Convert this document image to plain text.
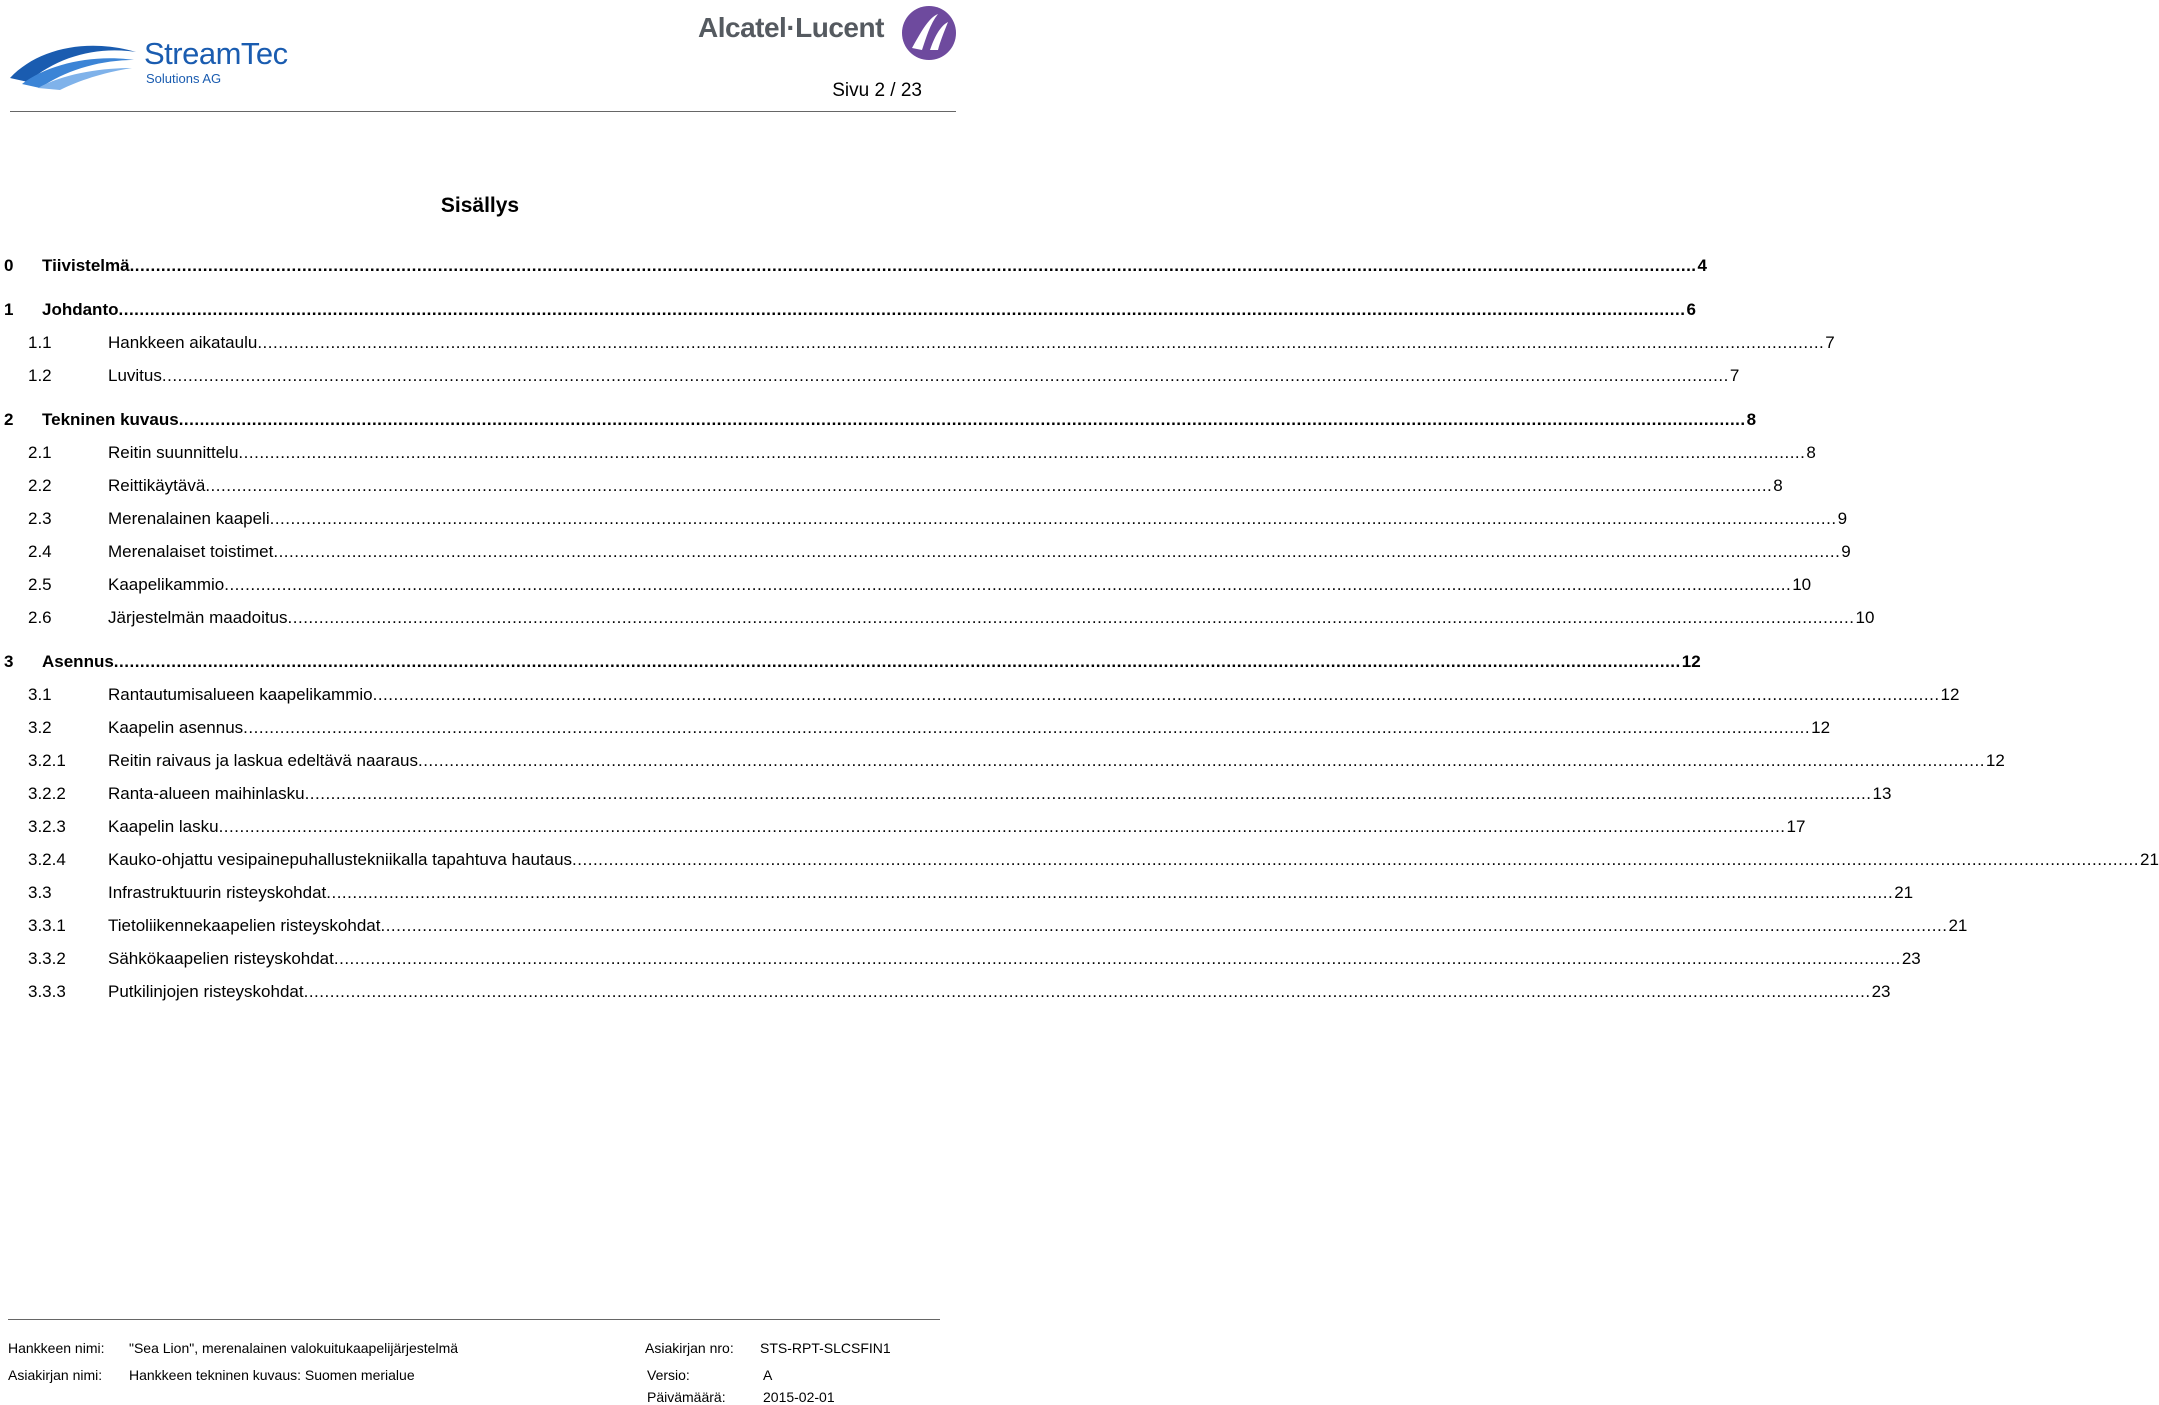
StreamTec
Solutions AG
Alcatel·Lucent
Sivu 2 / 23
Sisällys
0 Tiivistelmä ............................................................................................................................................................................................................................................................................................................ 4
1 Johdanto ............................................................................................................................................................................................................................................................................................................ 6
1.1	Hankkeen aikataulu ............................................................................................................................................................................................................................................................................................................ 7
1.2	Luvitus ............................................................................................................................................................................................................................................................................................................ 7
2 Tekninen kuvaus ............................................................................................................................................................................................................................................................................................................ 8
2.1	Reitin suunnittelu ............................................................................................................................................................................................................................................................................................................ 8
2.2	Reittikäytävä ............................................................................................................................................................................................................................................................................................................ 8
2.3	Merenalainen kaapeli ............................................................................................................................................................................................................................................................................................................ 9
2.4	Merenalaiset toistimet ............................................................................................................................................................................................................................................................................................................ 9
2.5	Kaapelikammio ............................................................................................................................................................................................................................................................................................................ 10
2.6	Järjestelmän maadoitus ............................................................................................................................................................................................................................................................................................................ 10
3 Asennus ............................................................................................................................................................................................................................................................................................................ 12
3.1	Rantautumisalueen kaapelikammio ............................................................................................................................................................................................................................................................................................................ 12
3.2	Kaapelin asennus ............................................................................................................................................................................................................................................................................................................ 12
3.2.1 Reitin raivaus ja laskua edeltävä naaraus ............................................................................................................................................................................................................................................................................................................ 12
3.2.2 Ranta-alueen maihinlasku ............................................................................................................................................................................................................................................................................................................ 13
3.2.3 Kaapelin lasku ............................................................................................................................................................................................................................................................................................................ 17
3.2.4 Kauko-ohjattu vesipainepuhallustekniikalla tapahtuva hautaus ............................................................................................................................................................................................................................................................................................................ 21
3.3	Infrastruktuurin risteyskohdat ............................................................................................................................................................................................................................................................................................................ 21
3.3.1 Tietoliikennekaapelien risteyskohdat ............................................................................................................................................................................................................................................................................................................ 21
3.3.2 Sähkökaapelien risteyskohdat ............................................................................................................................................................................................................................................................................................................ 23
3.3.3 Putkilinjojen risteyskohdat ............................................................................................................................................................................................................................................................................................................ 23
Hankkeen nimi: "Sea Lion", merenalainen valokuitukaapelijärjestelmä	Asiakirjan nro: STS-RPT-SLCSFIN1
Asiakirjan nimi: Hankkeen tekninen kuvaus: Suomen merialue	Versio:	A
Päivämäärä:	2015-02-01
